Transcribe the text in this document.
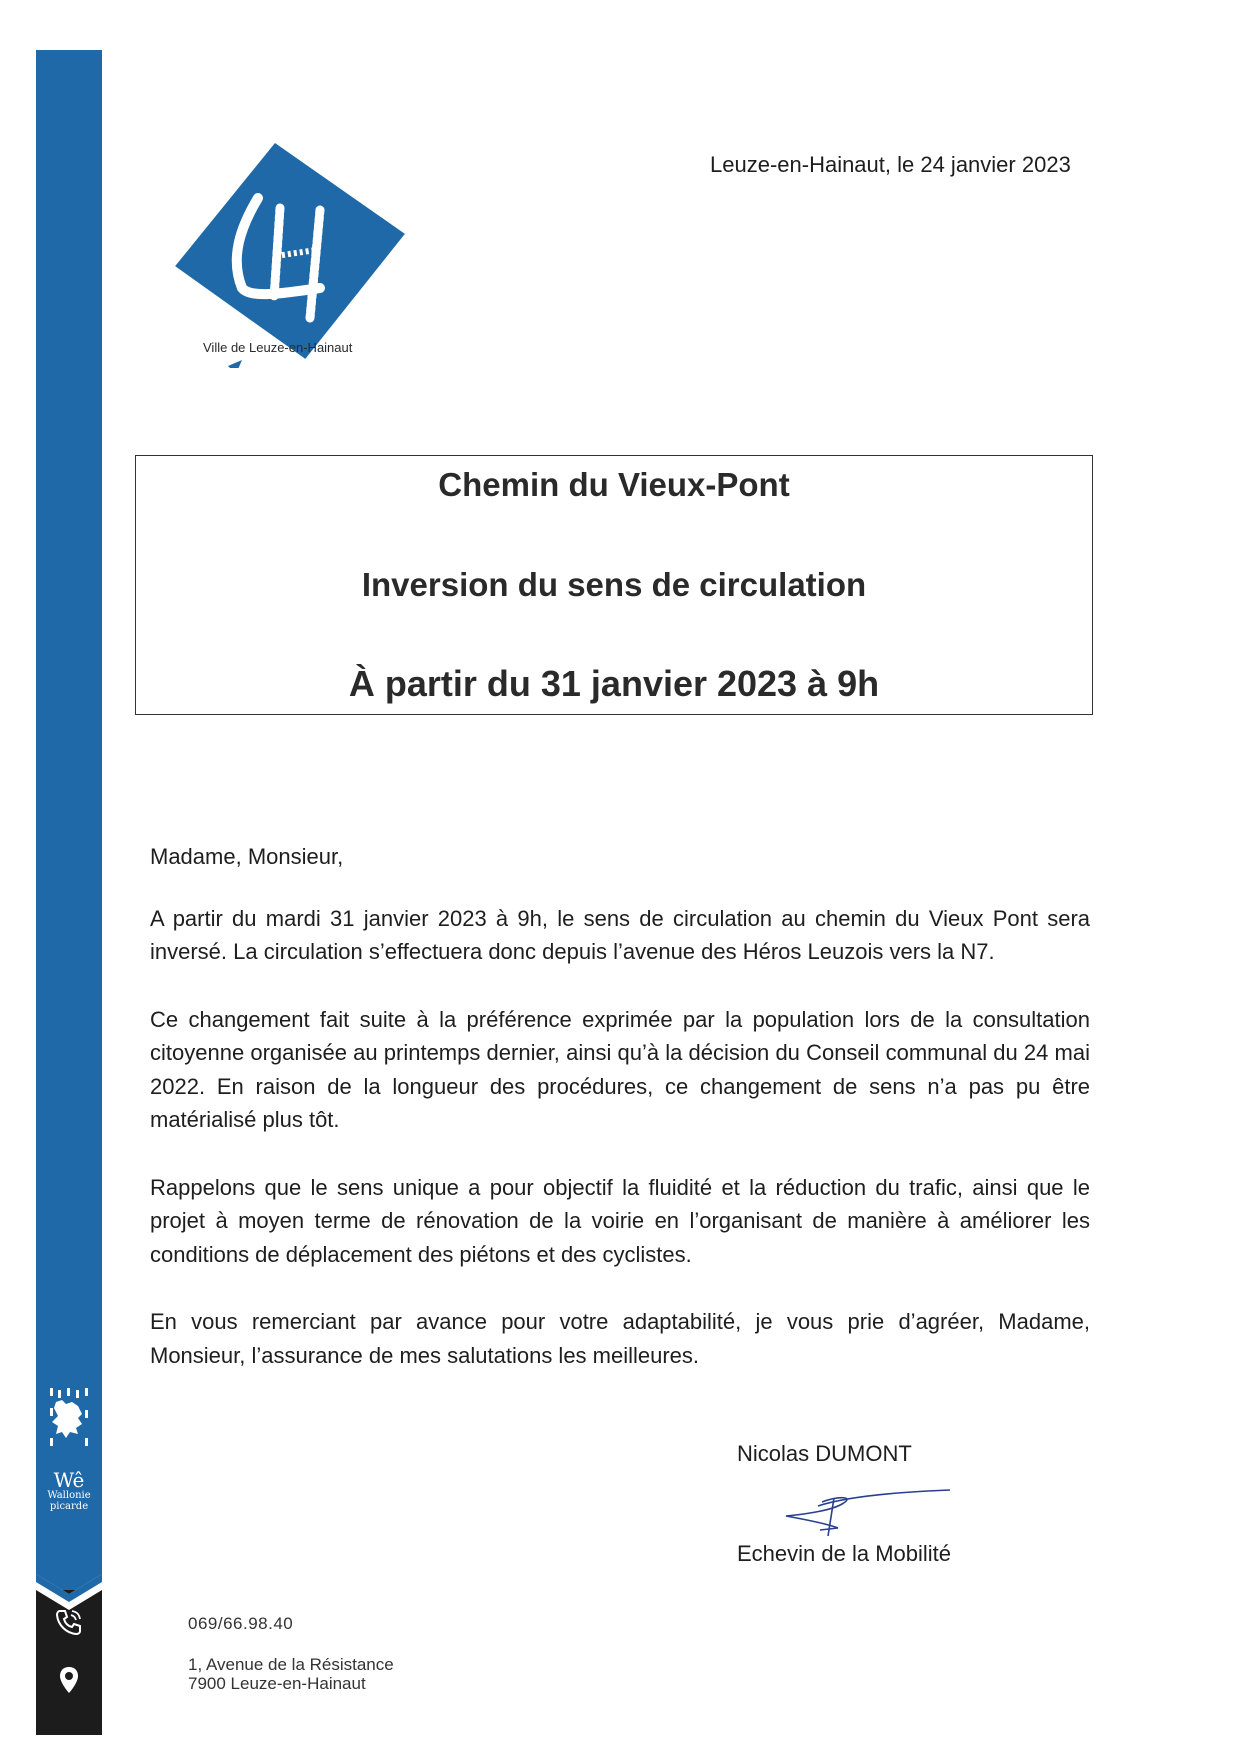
Wê
Wallonie
picarde
Ville de Leuze-en-Hainaut
Leuze-en-Hainaut, le 24 janvier 2023
Chemin du Vieux-Pont
Inversion du sens de circulation
À partir du 31 janvier 2023 à 9h

Madame, Monsieur,

A partir du mardi 31 janvier 2023 à 9h, le sens de circulation au chemin du Vieux Pont sera inversé. La circulation s’effectuera donc depuis l’avenue des Héros Leuzois vers la N7.

Ce changement fait suite à la préférence exprimée par la population lors de la consultation citoyenne organisée au printemps dernier, ainsi qu’à la décision du Conseil communal du 24 mai 2022. En raison de la longueur des procédures, ce changement de sens n’a pas pu être matérialisé plus tôt.

Rappelons que le sens unique a pour objectif la fluidité et la réduction du trafic, ainsi que le projet à moyen terme de rénovation de la voirie en l’organisant de manière à améliorer les conditions de déplacement des piétons et des cyclistes.

En vous remerciant par avance pour votre adaptabilité, je vous prie d’agréer, Madame, Monsieur, l’assurance de mes salutations les meilleures.

Nicolas DUMONT
Echevin de la Mobilité
069/66.98.40
1, Avenue de la Résistance
7900 Leuze-en-Hainaut
